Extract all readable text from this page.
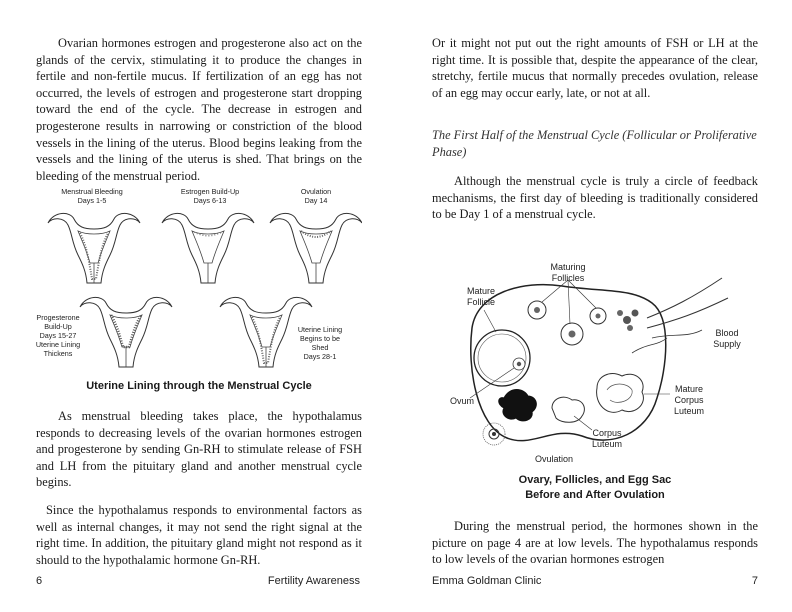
Ovarian hormones estrogen and progesterone also act on the glands of the cervix, stimulating it to produce the changes in fertile and non-fertile mucus. If fertilization of an egg has not occurred, the levels of estrogen and progesterone start dropping toward the end of the cycle. The decrease in estrogen and progesterone results in narrowing or constriction of the blood vessels in the lining of the uterus. Blood begins leaking from the vessels and the lining of the uterus is shed. That brings on the bleeding of the menstrual period.

Menstrual Bleeding
Days 1-5
Estrogen Build-Up
Days 6-13
Ovulation
Day 14
Progesterone
Build-Up
Days 15-27
Uterine Lining
Thickens
Uterine Lining
Begins to be
Shed
Days 28-1
Uterine Lining through the Menstrual Cycle

As menstrual bleeding takes place, the hypothalamus responds to decreasing levels of the ovarian hormones estrogen and progesterone by sending Gn-RH to stimulate release of FSH and LH from the pituitary gland and another menstrual cycle begins.

Since the hypothalamus responds to environmental factors as well as internal changes, it may not send the right signal at the right time. In addition, the pituitary gland might not respond as it should to the hypothalamic hormone Gn-RH.

6	Fertility Awareness

Or it might not put out the right amounts of FSH or LH at the right time. It is possible that, despite the appearance of the clear, stretchy, fertile mucus that normally precedes ovulation, release of an egg may occur early, late, or not at all.

The First Half of the Menstrual Cycle (Follicular or Proliferative Phase)

Although the menstrual cycle is truly a circle of feedback mechanisms, the first day of bleeding is traditionally considered to be Day 1 of a menstrual cycle.

Maturing
Follicles
Mature
Follicle
Blood
Supply
Mature
Corpus
Luteum
Ovum
Corpus
Luteum
Ovulation
Ovary, Follicles, and Egg Sac
Before and After Ovulation

During the menstrual period, the hormones shown in the picture on page 4 are at low levels. The hypothalamus responds to low levels of the ovarian hormones estrogen

Emma Goldman Clinic	7
